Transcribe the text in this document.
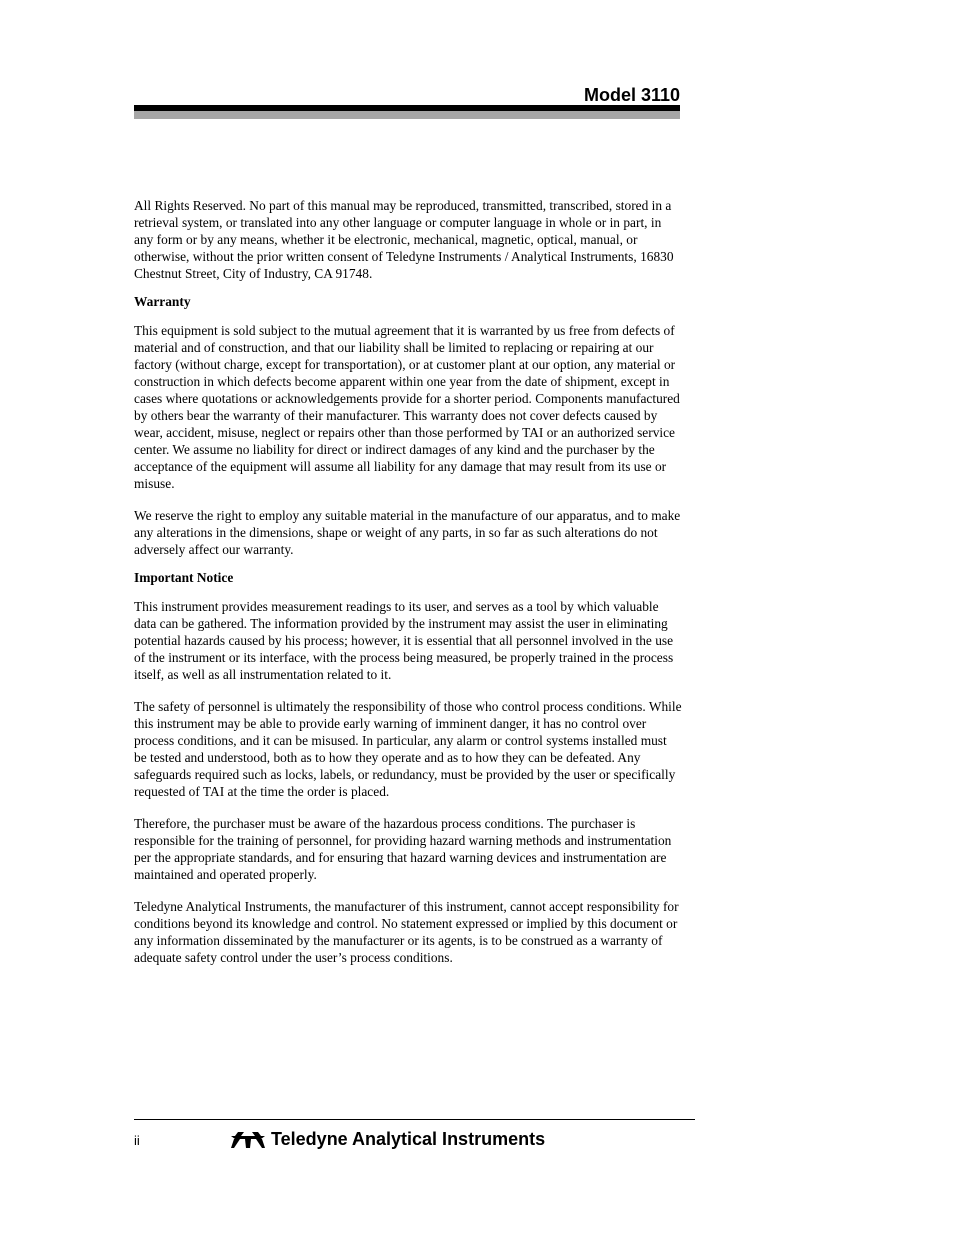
Model 3110

All Rights Reserved. No part of this manual may be reproduced, transmitted, transcribed, stored in a retrieval system, or translated into any other language or computer language in whole or in part, in any form or by any means, whether it be electronic, mechanical, magnetic, optical, manual, or otherwise, without the prior written consent of Teledyne Instruments / Analytical Instruments, 16830 Chestnut Street, City of Industry, CA 91748.

Warranty

This equipment is sold subject to the mutual agreement that it is warranted by us free from defects of material and of construction, and that our liability shall be limited to replacing or repairing at our factory (without charge, except for transportation), or at customer plant at our option, any material or construction in which defects become apparent within one year from the date of shipment, except in cases where quotations or acknowledgements provide for a shorter period. Components manufactured by others bear the warranty of their manufacturer. This warranty does not cover defects caused by wear, accident, misuse, neglect or repairs other than those performed by TAI or an authorized service center. We assume no liability for direct or indirect damages of any kind and the purchaser by the acceptance of the equipment will assume all liability for any damage that may result from its use or misuse.

We reserve the right to employ any suitable material in the manufacture of our apparatus, and to make any alterations in the dimensions, shape or weight of any parts, in so far as such alterations do not adversely affect our warranty.

Important Notice

This instrument provides measurement readings to its user, and serves as a tool by which valuable data can be gathered. The information provided by the instrument may assist the user in eliminating potential hazards caused by his process; however, it is essential that all personnel involved in the use of the instrument or its interface, with the process being measured, be properly trained in the process itself, as well as all instrumentation related to it.

The safety of personnel is ultimately the responsibility of those who control process conditions. While this instrument may be able to provide early warning of imminent danger, it has no control over process conditions, and it can be misused. In particular, any alarm or control systems installed must be tested and understood, both as to how they operate and as to how they can be defeated. Any safeguards required such as locks, labels, or redundancy, must be provided by the user or specifically requested of TAI at the time the order is placed.

Therefore, the purchaser must be aware of the hazardous process conditions. The purchaser is responsible for the training of personnel, for providing hazard warning methods and instrumentation per the appropriate standards, and for ensuring that hazard warning devices and instrumentation are maintained and operated properly.

Teledyne Analytical Instruments, the manufacturer of this instrument, cannot accept responsibility for conditions beyond its knowledge and control. No statement expressed or implied by this document or any information disseminated by the manufacturer or its agents, is to be construed as a warranty of adequate safety control under the user’s process conditions.

ii	Teledyne Analytical Instruments
